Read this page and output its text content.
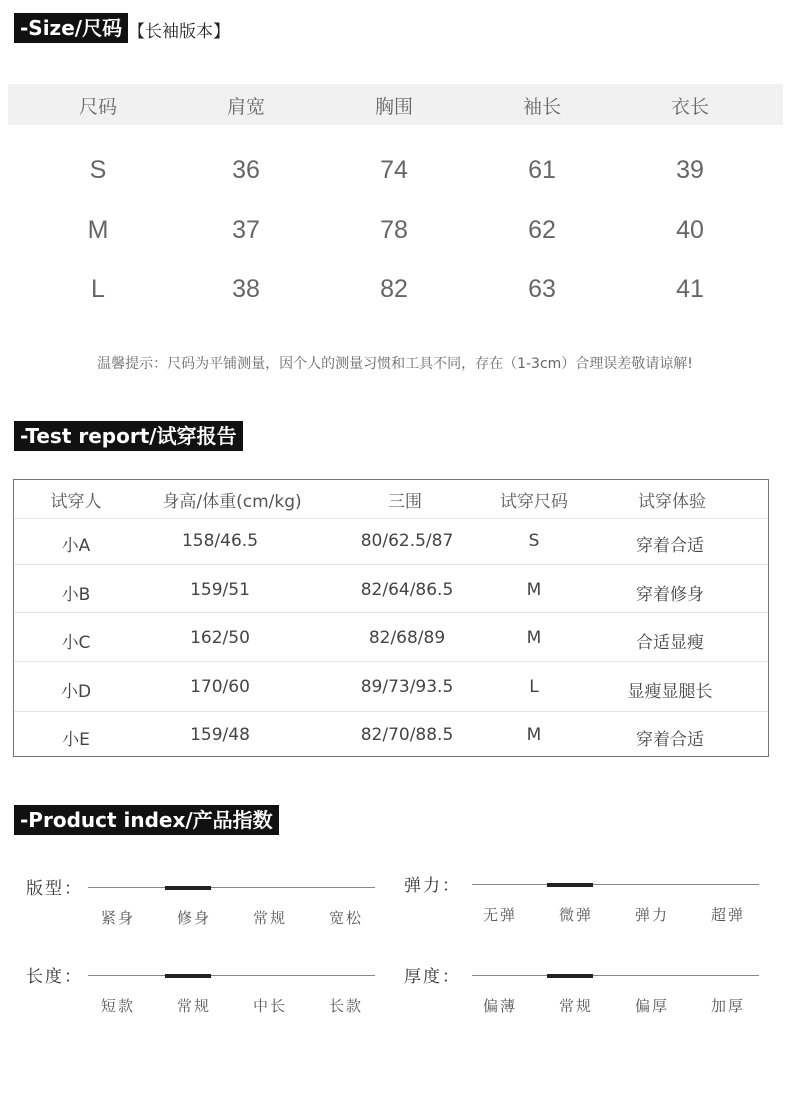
-Size/尺码 【长袖版本】
尺码	肩宽	胸围	袖长	衣长
S	36	74	61	39
M	37	78	62	40
L	38	82	63	41
温馨提示：尺码为平铺测量，因个人的测量习惯和工具不同，存在（1-3cm）合理误差敬请谅解!
-Test report/试穿报告
试穿人	身高/体重(cm/kg)	三围	试穿尺码	试穿体验
小A	158/46.5	80/62.5/87	S	穿着合适
小B	159/51	82/64/86.5	M	穿着修身
小C	162/50	82/68/89	M	合适显瘦
小D	170/60	89/73/93.5	L	显瘦显腿长
小E	159/48	82/70/88.5	M	穿着合适
-Product index/产品指数
版型：
紧身	修身	常规	宽松
弹力：
无弹	微弹	弹力	超弹
长度：
短款	常规	中长	长款
厚度：
偏薄	常规	偏厚	加厚
